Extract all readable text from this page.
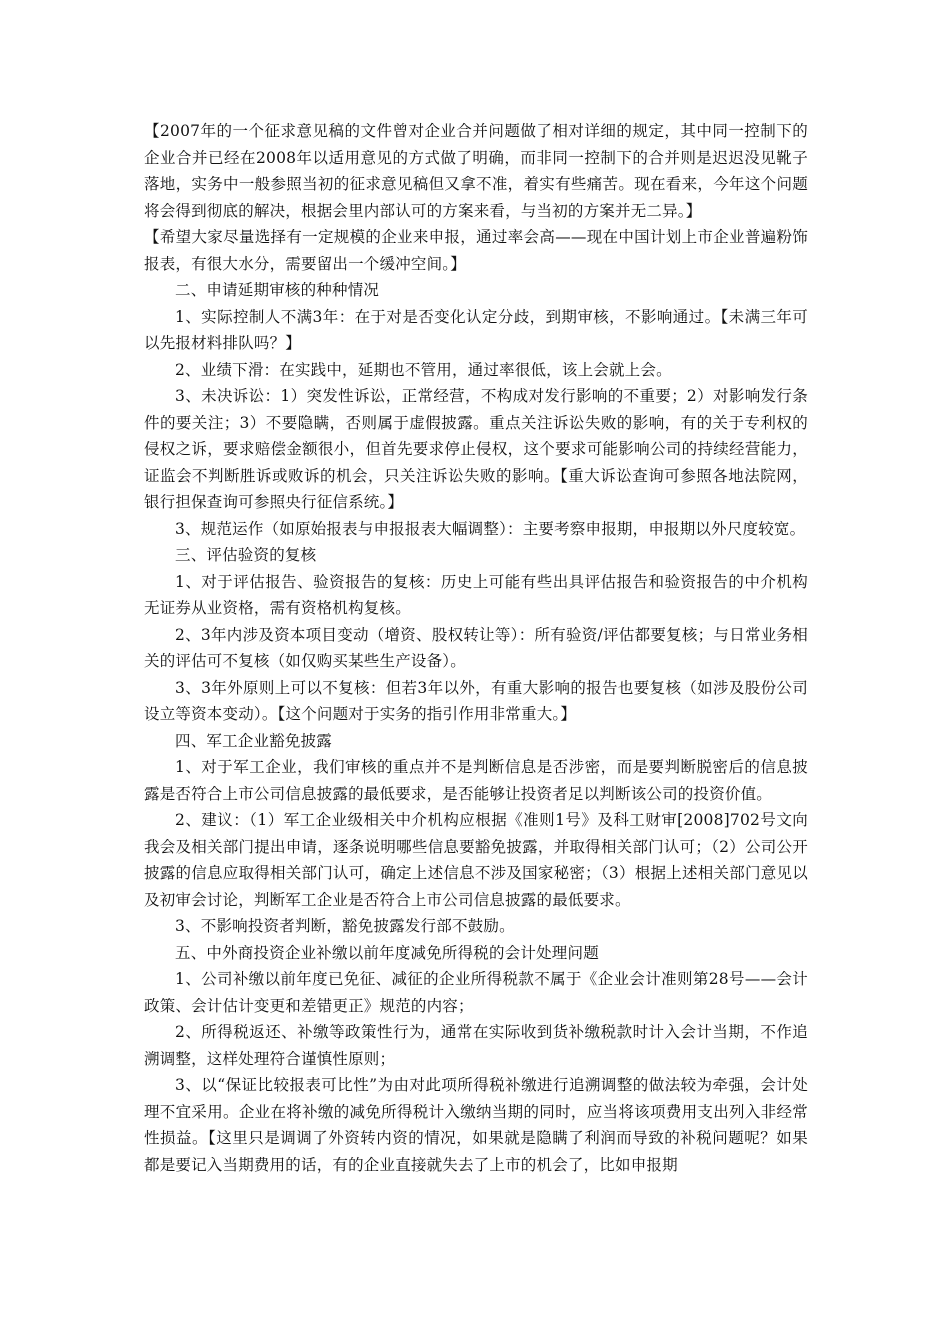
【2007年的一个征求意见稿的文件曾对企业合并问题做了相对详细的规定，其中同一控制下的企业合并已经在2008年以适用意见的方式做了明确，而非同一控制下的合并则是迟迟没见靴子落地，实务中一般参照当初的征求意见稿但又拿不准，着实有些痛苦。现在看来，今年这个问题将会得到彻底的解决，根据会里内部认可的方案来看，与当初的方案并无二异。】

【希望大家尽量选择有一定规模的企业来申报，通过率会高——现在中国计划上市企业普遍粉饰报表，有很大水分，需要留出一个缓冲空间。】

二、申请延期审核的种种情况

1、实际控制人不满3年：在于对是否变化认定分歧，到期审核，不影响通过。【未满三年可以先报材料排队吗？】

2、业绩下滑：在实践中，延期也不管用，通过率很低，该上会就上会。

3、未决诉讼：1）突发性诉讼，正常经营，不构成对发行影响的不重要；2）对影响发行条件的要关注；3）不要隐瞒，否则属于虚假披露。重点关注诉讼失败的影响，有的关于专利权的侵权之诉，要求赔偿金额很小，但首先要求停止侵权，这个要求可能影响公司的持续经营能力，证监会不判断胜诉或败诉的机会，只关注诉讼失败的影响。【重大诉讼查询可参照各地法院网，银行担保查询可参照央行征信系统。】

3、规范运作（如原始报表与申报报表大幅调整）：主要考察申报期，申报期以外尺度较宽。

三、评估验资的复核

1、对于评估报告、验资报告的复核：历史上可能有些出具评估报告和验资报告的中介机构无证券从业资格，需有资格机构复核。

2、3年内涉及资本项目变动（增资、股权转让等）：所有验资/评估都要复核；与日常业务相关的评估可不复核（如仅购买某些生产设备）。

3、3年外原则上可以不复核：但若3年以外，有重大影响的报告也要复核（如涉及股份公司设立等资本变动）。【这个问题对于实务的指引作用非常重大。】

四、军工企业豁免披露

1、对于军工企业，我们审核的重点并不是判断信息是否涉密，而是要判断脱密后的信息披露是否符合上市公司信息披露的最低要求，是否能够让投资者足以判断该公司的投资价值。

2、建议：（1）军工企业级相关中介机构应根据《准则1号》及科工财审[2008]702号文向我会及相关部门提出申请，逐条说明哪些信息要豁免披露，并取得相关部门认可；（2）公司公开披露的信息应取得相关部门认可，确定上述信息不涉及国家秘密；（3）根据上述相关部门意见以及初审会讨论，判断军工企业是否符合上市公司信息披露的最低要求。

3、不影响投资者判断，豁免披露发行部不鼓励。

五、中外商投资企业补缴以前年度减免所得税的会计处理问题

1、公司补缴以前年度已免征、减征的企业所得税款不属于《企业会计准则第28号——会计政策、会计估计变更和差错更正》规范的内容；

2、所得税返还、补缴等政策性行为，通常在实际收到货补缴税款时计入会计当期，不作追溯调整，这样处理符合谨慎性原则；

3、以“保证比较报表可比性”为由对此项所得税补缴进行追溯调整的做法较为牵强，会计处理不宜采用。企业在将补缴的减免所得税计入缴纳当期的同时，应当将该项费用支出列入非经常性损益。【这里只是调调了外资转内资的情况，如果就是隐瞒了利润而导致的补税问题呢？如果都是要记入当期费用的话，有的企业直接就失去了上市的机会了，比如申报期
